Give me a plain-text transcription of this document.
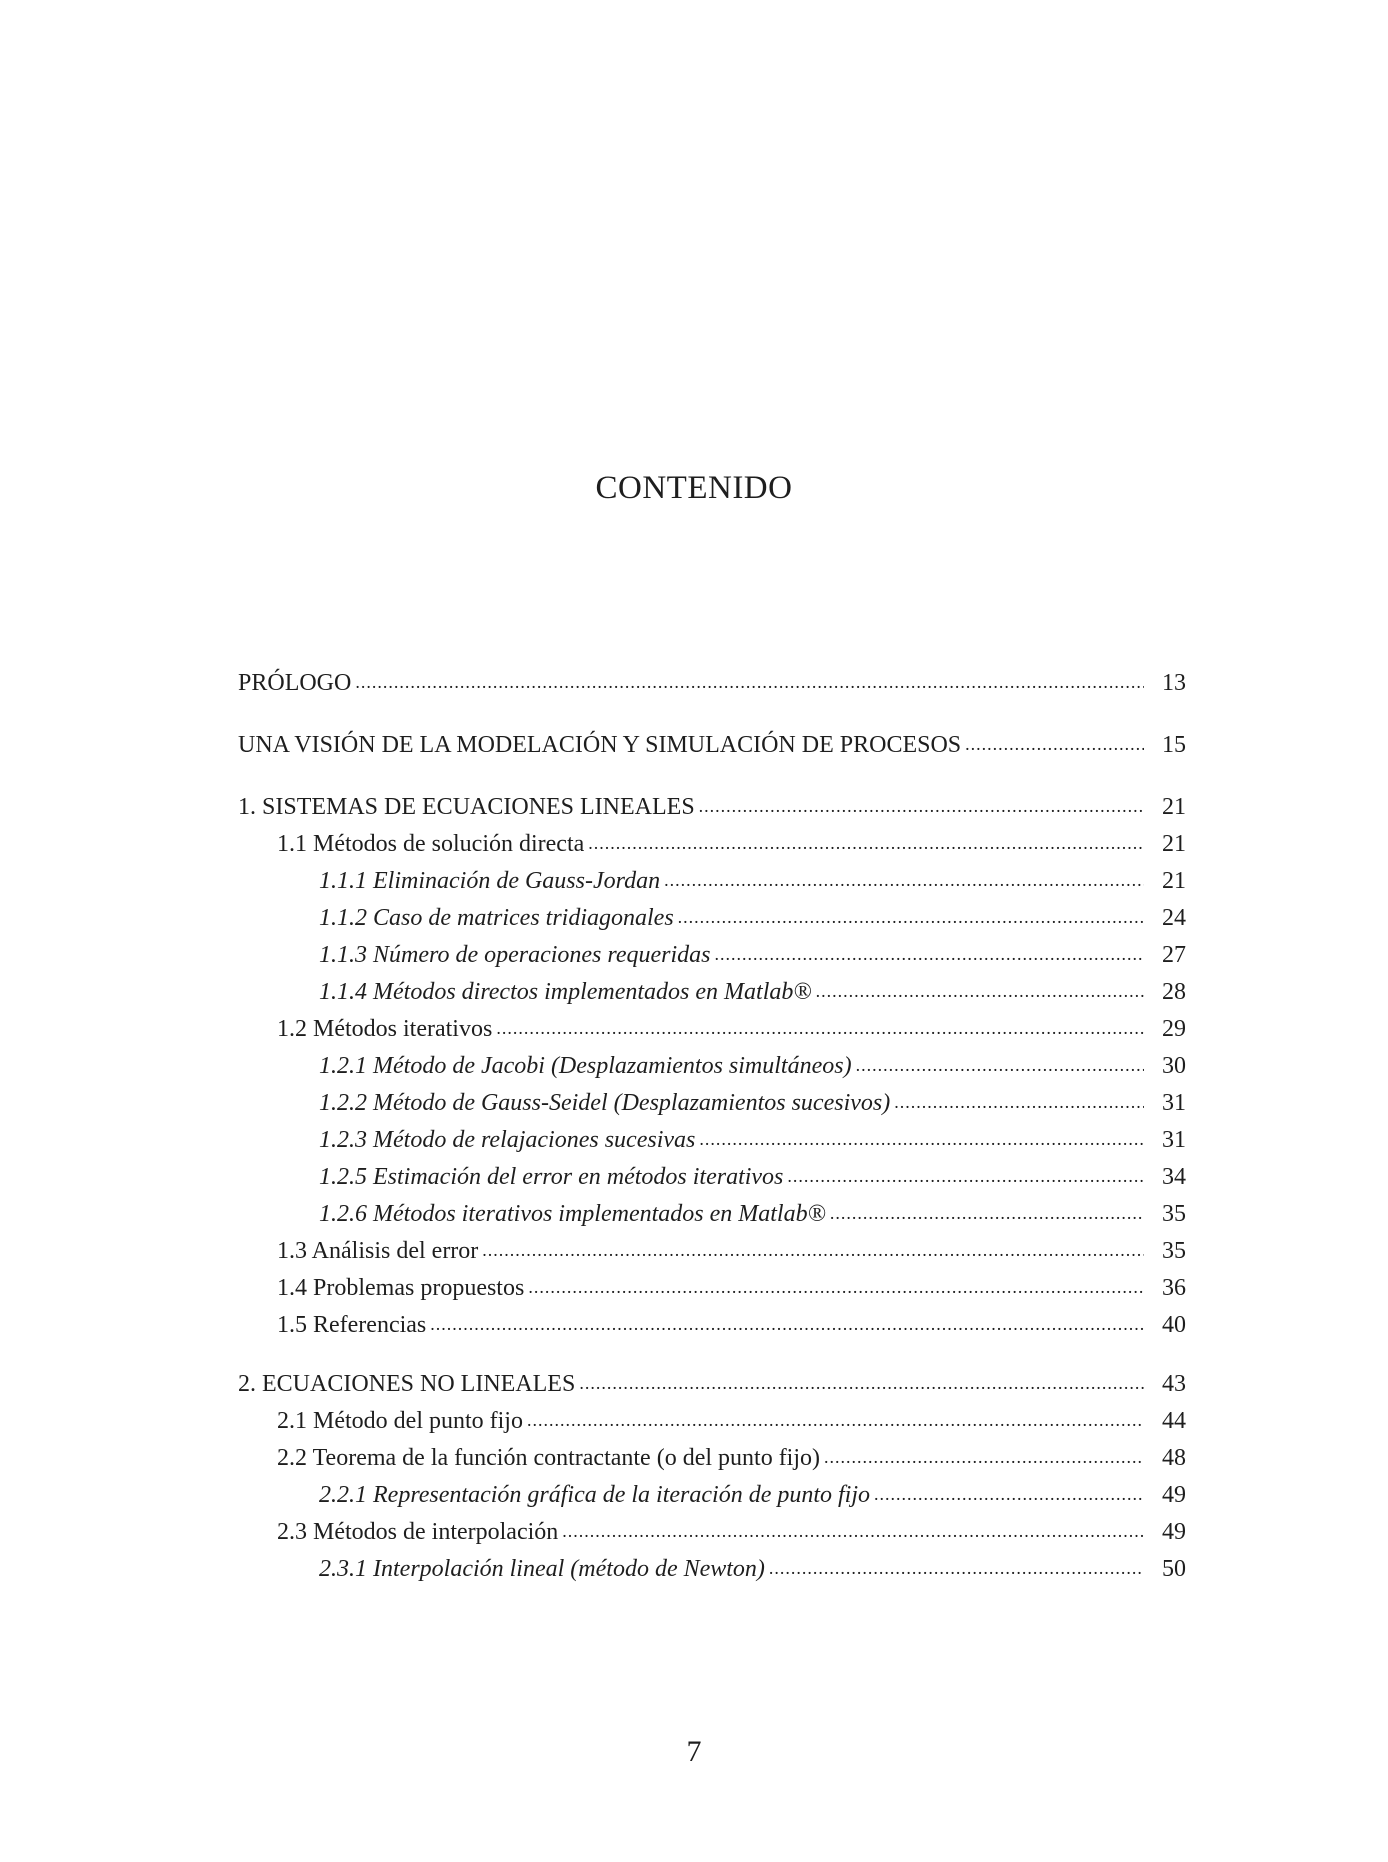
CONTENIDO
PRÓLOGO .....	13
UNA VISIÓN DE LA MODELACIÓN Y SIMULACIÓN DE PROCESOS .....	15
1. SISTEMAS DE ECUACIONES LINEALES .....	21
1.1 Métodos de solución directa .....	21
1.1.1 Eliminación de Gauss-Jordan .....	21
1.1.2 Caso de matrices tridiagonales .....	24
1.1.3 Número de operaciones requeridas .....	27
1.1.4 Métodos directos implementados en Matlab® .....	28
1.2 Métodos iterativos .....	29
1.2.1 Método de Jacobi (Desplazamientos simultáneos) .....	30
1.2.2 Método de Gauss-Seidel (Desplazamientos sucesivos) .....	31
1.2.3 Método de relajaciones sucesivas .....	31
1.2.5 Estimación del error en métodos iterativos .....	34
1.2.6 Métodos iterativos implementados en Matlab® .....	35
1.3 Análisis del error .....	35
1.4 Problemas propuestos .....	36
1.5 Referencias .....	40
2. ECUACIONES NO LINEALES .....	43
2.1 Método del punto fijo .....	44
2.2 Teorema de la función contractante (o del punto fijo) .....	48
2.2.1 Representación gráfica de la iteración de punto fijo .....	49
2.3 Métodos de interpolación .....	49
2.3.1 Interpolación lineal (método de Newton) .....	50
7
